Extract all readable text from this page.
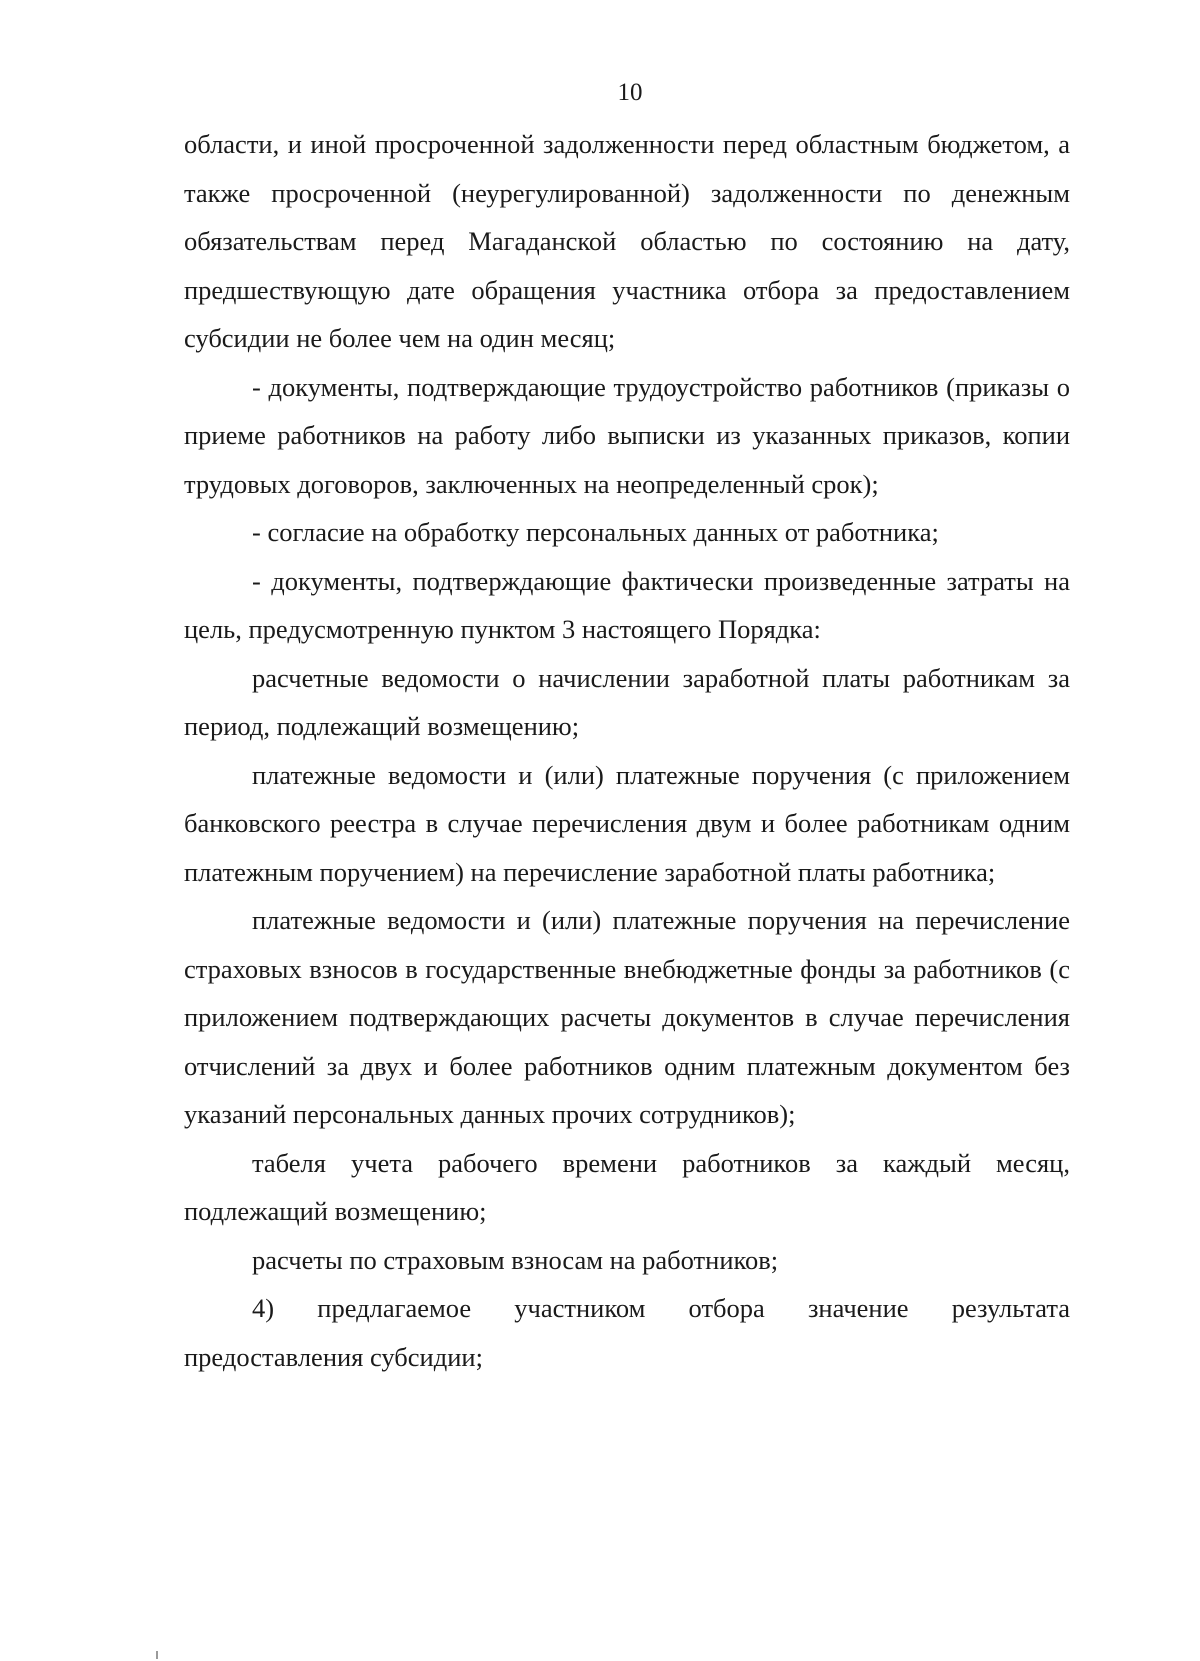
10

области, и иной просроченной задолженности перед областным бюджетом, а также просроченной (неурегулированной) задолженности по денежным обязательствам перед Магаданской областью по состоянию на дату, предшествующую дате обращения участника отбора за предоставлением субсидии не более чем на один месяц;

- документы, подтверждающие трудоустройство работников (приказы о приеме работников на работу либо выписки из указанных приказов, копии трудовых договоров, заключенных на неопределенный срок);

- согласие на обработку персональных данных от работника;

- документы, подтверждающие фактически произведенные затраты на цель, предусмотренную пунктом 3 настоящего Порядка:

расчетные ведомости о начислении заработной платы работникам за период, подлежащий возмещению;

платежные ведомости и (или) платежные поручения (с приложением банковского реестра в случае перечисления двум и более работникам одним платежным поручением) на перечисление заработной платы работника;

платежные ведомости и (или) платежные поручения на перечисление страховых взносов в государственные внебюджетные фонды за работников (с приложением подтверждающих расчеты документов в случае перечисления отчислений за двух и более работников одним платежным документом без указаний персональных данных прочих сотрудников);

табеля учета рабочего времени работников за каждый месяц, подлежащий возмещению;

расчеты по страховым взносам на работников;

4) предлагаемое участником отбора значение результата предоставления субсидии;
